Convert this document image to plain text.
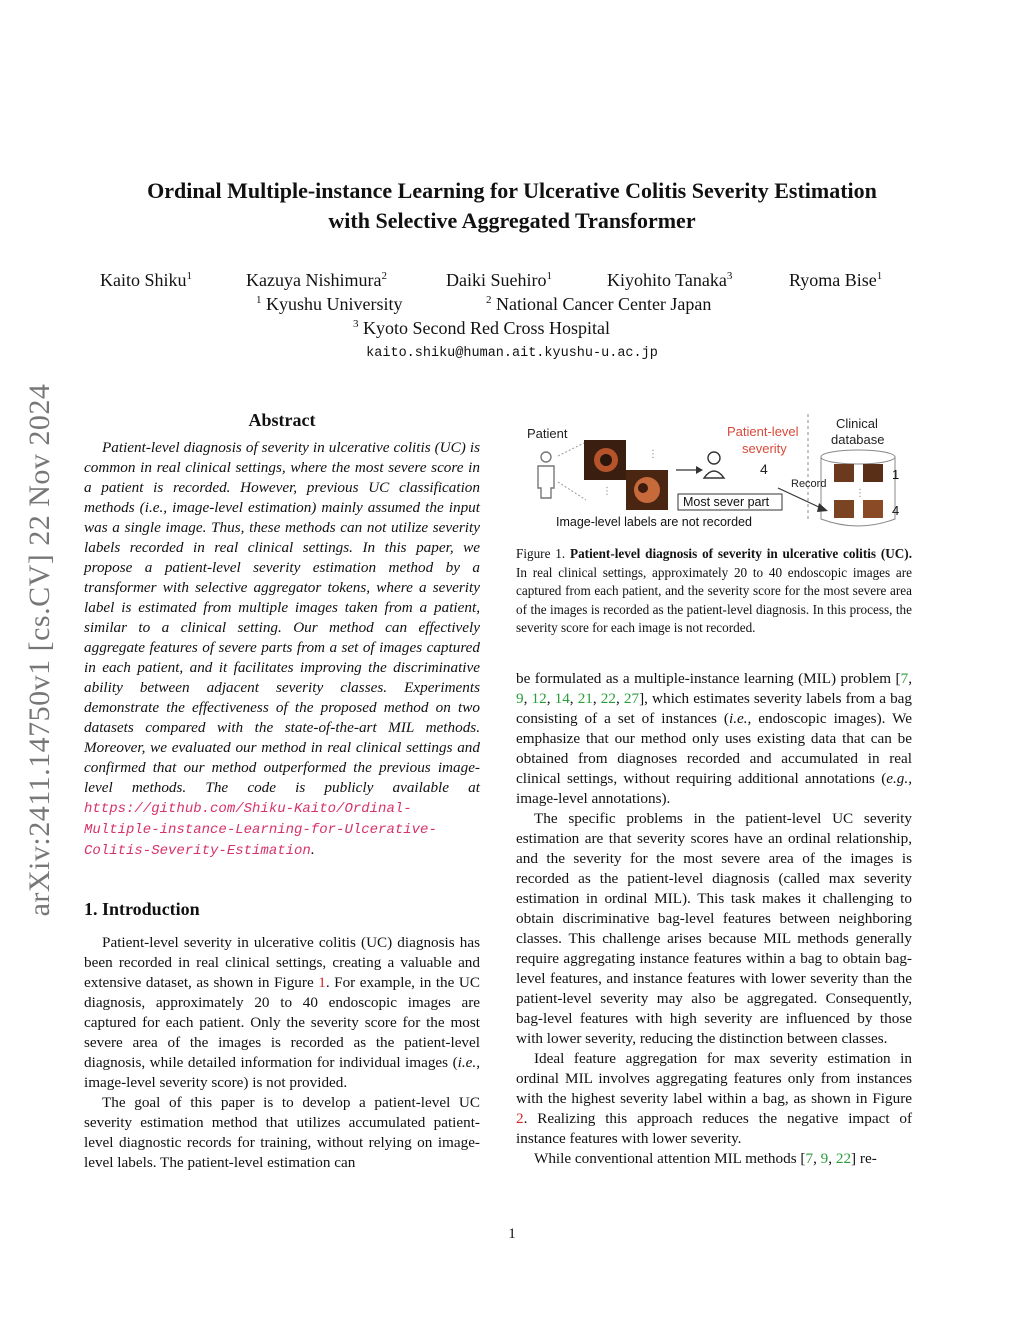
arXiv:2411.14750v1 [cs.CV] 22 Nov 2024
Ordinal Multiple-instance Learning for Ulcerative Colitis Severity Estimation
with Selective Aggregated Transformer
Kaito Shiku$^1$	Kazuya Nishimura$^2$	Daiki Suehiro$^1$	Kiyohito Tanaka$^3$	Ryoma Bise$^1$
$^1$ Kyushu University	$^2$ National Cancer Center Japan
$^3$ Kyoto Second Red Cross Hospital
kaito.shiku@human.ait.kyushu-u.ac.jp
Abstract
Patient-level diagnosis of severity in ulcerative colitis (UC) is common in real clinical settings, where the most severe score in a patient is recorded. However, previous UC classification methods (i.e., image-level estimation) mainly assumed the input was a single image. Thus, these methods can not utilize severity labels recorded in real clinical settings. In this paper, we propose a patient-level severity estimation method by a transformer with selective aggregator tokens, where a severity label is estimated from multiple images taken from a patient, similar to a clinical setting. Our method can effectively aggregate features of severe parts from a set of images captured in each patient, and it facilitates improving the discriminative ability between adjacent severity classes. Experiments demonstrate the effectiveness of the proposed method on two datasets compared with the state-of-the-art MIL methods. Moreover, we evaluated our method in real clinical settings and confirmed that our method outperformed the previous image-level methods. The code is publicly available at https://github.com/Shiku-Kaito/Ordinal-Multiple-instance-Learning-for-Ulcerative-Colitis-Severity-Estimation.
1. Introduction

Patient-level severity in ulcerative colitis (UC) diagnosis has been recorded in real clinical settings, creating a valuable and extensive dataset, as shown in Figure 1. For example, in the UC diagnosis, approximately 20 to 40 endoscopic images are captured for each patient. Only the severity score for the most severe area of the images is recorded as the patient-level diagnosis, while detailed information for individual images (i.e., image-level severity score) is not provided.

The goal of this paper is to develop a patient-level UC severity estimation method that utilizes accumulated patient-level diagnostic records for training, without relying on image-level labels. The patient-level estimation can

Patient
⋮
⋮
Patient-level
severity
4
Most sever part
Image-level labels are not recorded
Clinical
database
⋮
1
4
Record
Figure 1. Patient-level diagnosis of severity in ulcerative colitis (UC). In real clinical settings, approximately 20 to 40 endoscopic images are captured from each patient, and the severity score for the most severe area of the images is recorded as the patient-level diagnosis. In this process, the severity score for each image is not recorded.

be formulated as a multiple-instance learning (MIL) problem [7, 9, 12, 14, 21, 22, 27], which estimates severity labels from a bag consisting of a set of instances (i.e., endoscopic images). We emphasize that our method only uses existing data that can be obtained from diagnoses recorded and accumulated in real clinical settings, without requiring additional annotations (e.g., image-level annotations).

The specific problems in the patient-level UC severity estimation are that severity scores have an ordinal relationship, and the severity for the most severe area of the images is recorded as the patient-level diagnosis (called max severity estimation in ordinal MIL). This task makes it challenging to obtain discriminative bag-level features between neighboring classes. This challenge arises because MIL methods generally require aggregating instance features within a bag to obtain bag-level features, and instance features with lower severity than the patient-level severity may also be aggregated. Consequently, bag-level features with high severity are influenced by those with lower severity, reducing the distinction between classes.

Ideal feature aggregation for max severity estimation in ordinal MIL involves aggregating features only from instances with the highest severity label within a bag, as shown in Figure 2. Realizing this approach reduces the negative impact of instance features with lower severity.

While conventional attention MIL methods [7, 9, 22] re-

1
